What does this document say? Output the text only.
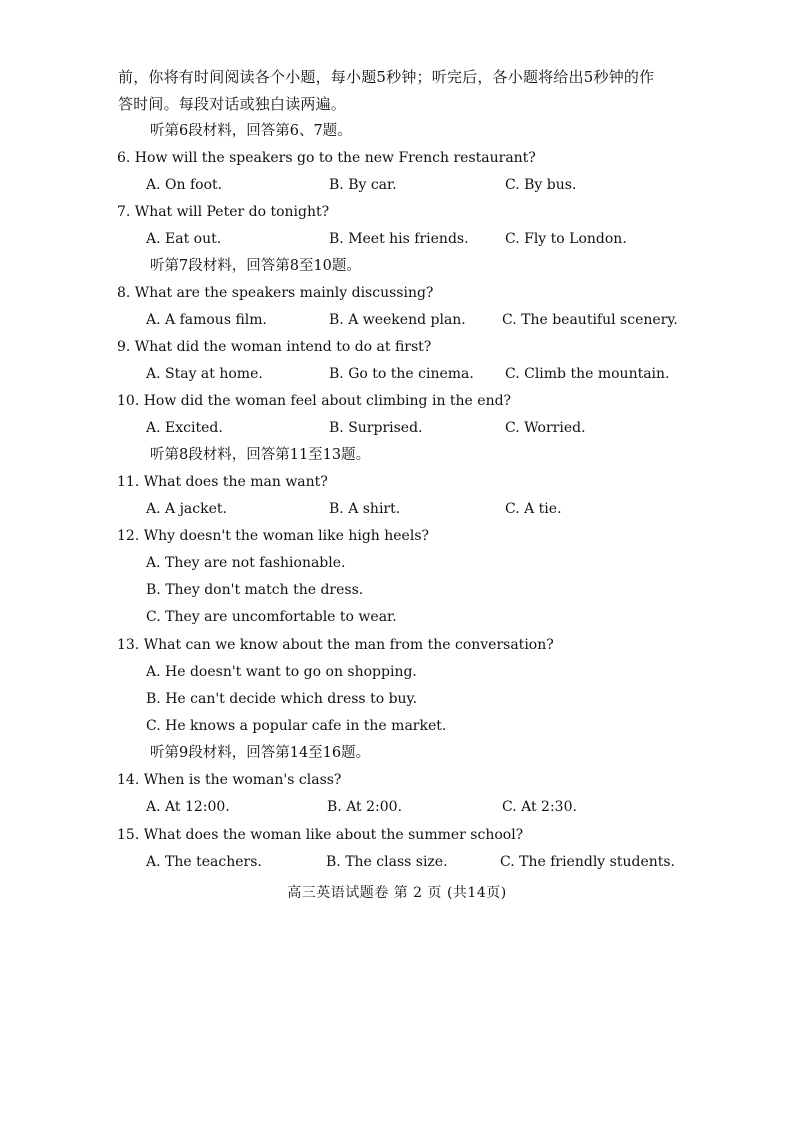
前，你将有时间阅读各个小题，每小题5秒钟；听完后，各小题将给出5秒钟的作
答时间。每段对话或独白读两遍。
听第6段材料，回答第6、7题。
6. How will the speakers go to the new French restaurant?
A. On foot.	B. By car.	C. By bus.
7. What will Peter do tonight?
A. Eat out.	B. Meet his friends.	C. Fly to London.
听第7段材料，回答第8至10题。
8. What are the speakers mainly discussing?
A. A famous film.	B. A weekend plan.	C. The beautiful scenery.
9. What did the woman intend to do at first?
A. Stay at home.	B. Go to the cinema. C. Climb the mountain.
10. How did the woman feel about climbing in the end?
A. Excited.	B. Surprised.	C. Worried.
听第8段材料，回答第11至13题。
11. What does the man want?
A. A jacket.	B. A shirt.	C. A tie.
12. Why doesn't the woman like high heels?
A. They are not fashionable.
B. They don't match the dress.
C. They are uncomfortable to wear.
13. What can we know about the man from the conversation?
A. He doesn't want to go on shopping.
B. He can't decide which dress to buy.
C. He knows a popular cafe in the market.
听第9段材料，回答第14至16题。
14. When is the woman's class?
A. At 12:00.	B. At 2:00.	C. At 2:30.
15. What does the woman like about the summer school?
A. The teachers.	B. The class size.	C. The friendly students.
高三英语试题卷 第 2 页 (共14页)
